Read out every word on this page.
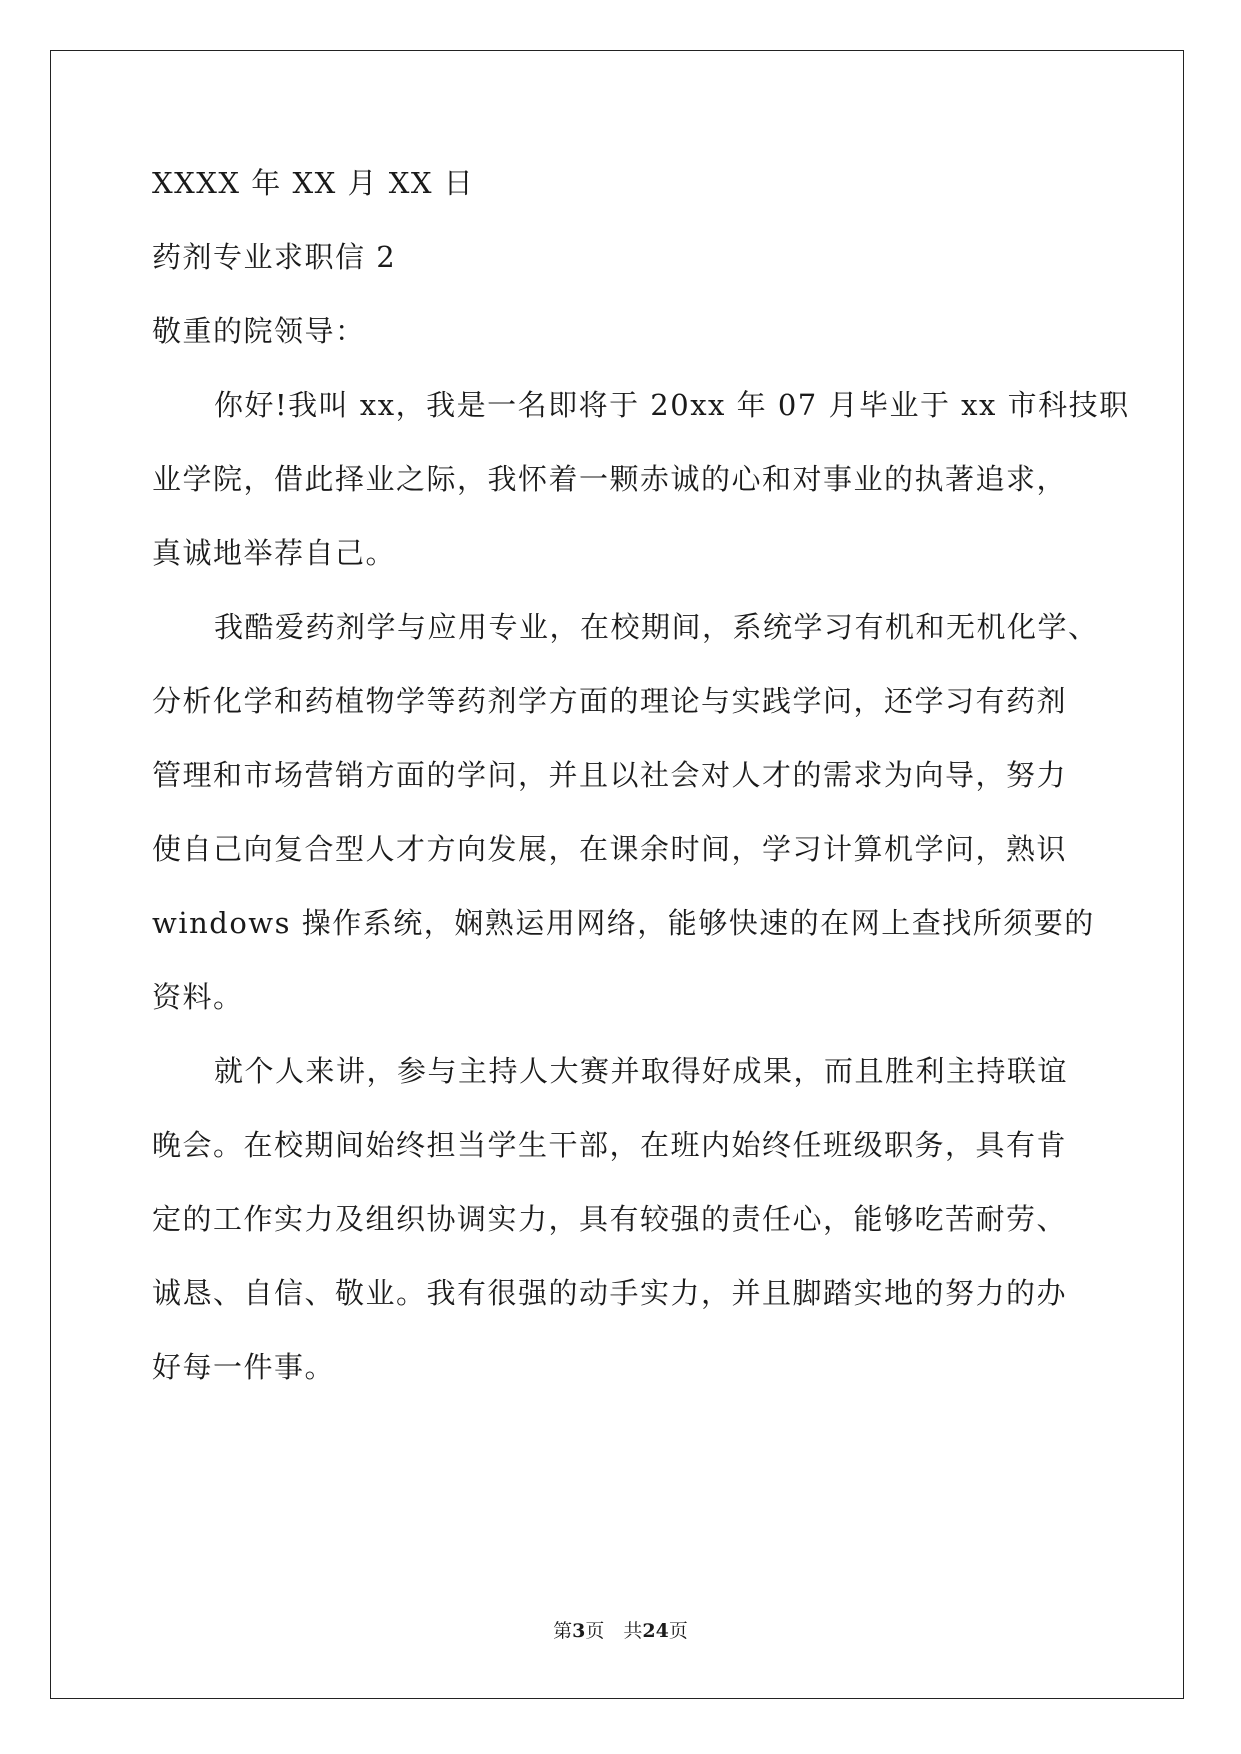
XXXX 年 XX 月 XX 日
药剂专业求职信 2
敬重的院领导：
你好!我叫 xx，我是一名即将于 20xx 年 07 月毕业于 xx 市科技职
业学院，借此择业之际，我怀着一颗赤诚的心和对事业的执著追求，
真诚地举荐自己。
我酷爱药剂学与应用专业，在校期间，系统学习有机和无机化学、
分析化学和药植物学等药剂学方面的理论与实践学问，还学习有药剂
管理和市场营销方面的学问，并且以社会对人才的需求为向导，努力
使自己向复合型人才方向发展，在课余时间，学习计算机学问，熟识
windows 操作系统，娴熟运用网络，能够快速的在网上查找所须要的
资料。
就个人来讲，参与主持人大赛并取得好成果，而且胜利主持联谊
晚会。在校期间始终担当学生干部，在班内始终任班级职务，具有肯
定的工作实力及组织协调实力，具有较强的责任心，能够吃苦耐劳、
诚恳、自信、敬业。我有很强的动手实力，并且脚踏实地的努力的办
好每一件事。
第3页　共24页
